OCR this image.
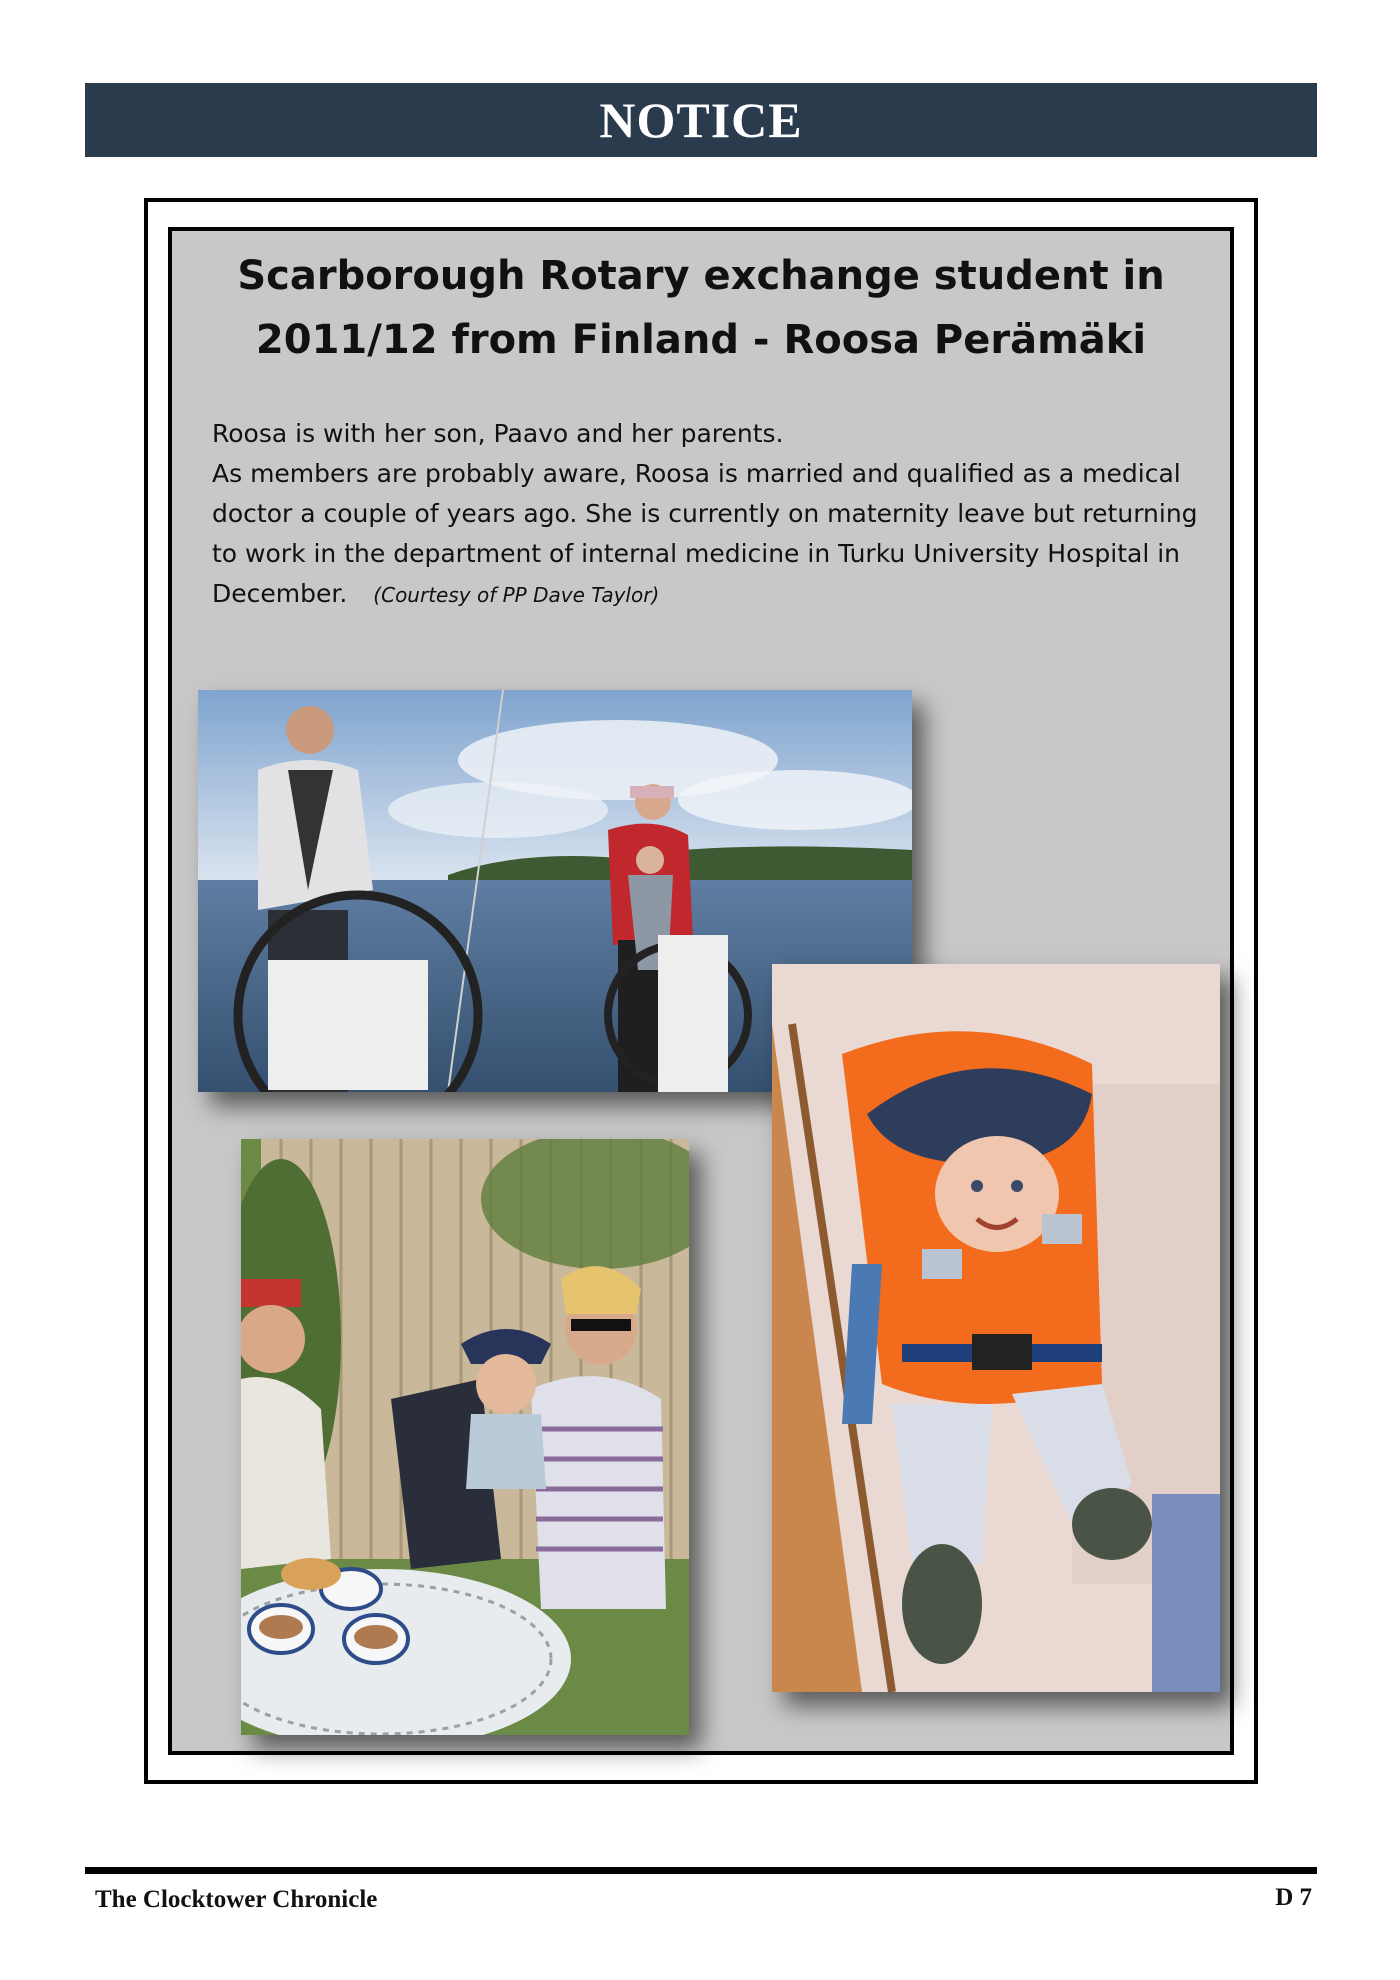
NOTICE
Scarborough Rotary exchange student in
2011/12 from Finland - Roosa Perämäki

Roosa is with her son, Paavo and her parents.

As members are probably aware, Roosa is married and qualified as a medical doctor a couple of years ago. She is currently on maternity leave but returning to work in the department of internal medicine in Turku University Hospital in December. (Courtesy of PP Dave Taylor)

The Clocktower Chronicle	D 7
